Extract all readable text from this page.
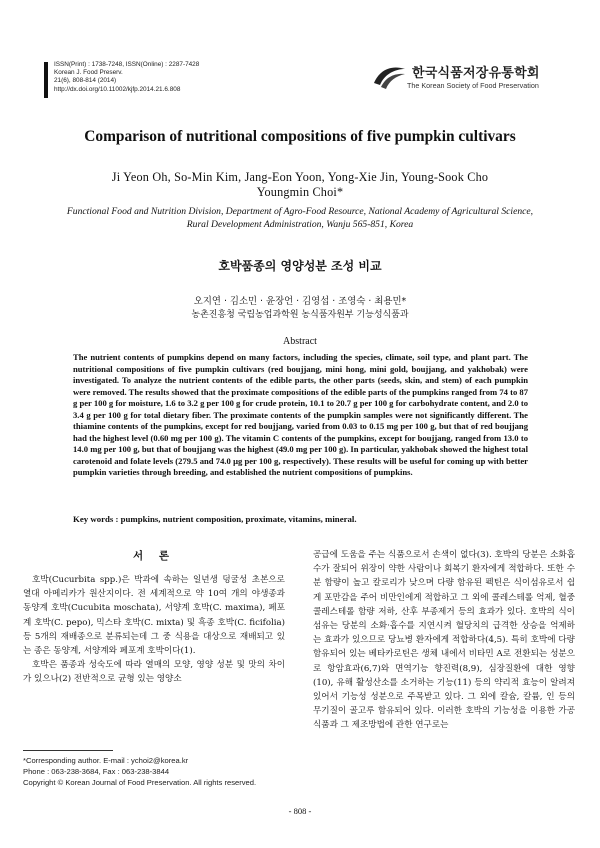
ISSN(Print) : 1738-7248, ISSN(Online) : 2287-7428
Korean J. Food Preserv.
21(6), 808-814 (2014)
http://dx.doi.org/10.11002/kjfp.2014.21.6.808
한국식품저장유통학회
The Korean Society of Food Preservation
Comparison of nutritional compositions of five pumpkin cultivars
Ji Yeon Oh, So-Min Kim, Jang-Eon Yoon, Yong-Xie Jin, Young-Sook Cho
Youngmin Choi*
Functional Food and Nutrition Division, Department of Agro-Food Resource, National Academy of Agricultural Science,
Rural Development Administration, Wanju 565-851, Korea
호박품종의 영양성분 조성 비교
오지연 · 김소민 · 윤장언 · 김영섭 · 조영숙 · 최용민*
농촌진흥청 국립농업과학원 농식품자원부 기능성식품과
Abstract
The nutrient contents of pumpkins depend on many factors, including the species, climate, soil type, and plant part. The nutritional compositions of five pumpkin cultivars (red boujjang, mini hong, mini gold, boujjang, and yakhobak) were investigated. To analyze the nutrient contents of the edible parts, the other parts (seeds, skin, and stem) of each pumpkin were removed. The results showed that the proximate compositions of the edible parts of the pumpkins ranged from 74 to 87 g per 100 g for moisture, 1.6 to 3.2 g per 100 g for crude protein, 10.1 to 20.7 g per 100 g for carbohydrate content, and 2.0 to 3.4 g per 100 g for total dietary fiber. The proximate contents of the pumpkin samples were not significantly different. The thiamine contents of the pumpkins, except for red boujjang, varied from 0.03 to 0.15 mg per 100 g, but that of red boujjang had the highest level (0.60 mg per 100 g). The vitamin C contents of the pumpkins, except for boujjang, ranged from 13.0 to 14.0 mg per 100 g, but that of boujjang was the highest (49.0 mg per 100 g). In particular, yakhobak showed the highest total carotenoid and folate levels (279.5 and 74.0 μg per 100 g, respectively). These results will be useful for coming up with better pumpkin varieties through breeding, and established the nutrient compositions of pumpkins.
Key words : pumpkins, nutrient composition, proximate, vitamins, mineral.
서 론

호박(Cucurbita spp.)은 박과에 속하는 일년생 덩굴성 초본으로 열대 아메리카가 원산지이다. 전 세계적으로 약 10여 개의 야생종과 동양계 호박(Cucubita moschata), 서양계 호박(C. maxima), 페포계 호박(C. pepo), 믹스타 호박(C. mixta) 및 흑종 호박(C. ficifolia) 등 5개의 재배종으로 분류되는데 그 중 식용을 대상으로 재배되고 있는 종은 동양계, 서양계와 페포계 호박이다(1).

호박은 품종과 성숙도에 따라 열매의 모양, 영양 성분 및 맛의 차이가 있으나(2) 전반적으로 균형 있는 영양소

공급에 도움을 주는 식품으로서 손색이 없다(3). 호박의 당분은 소화흡수가 잘되어 위장이 약한 사람이나 회복기 환자에게 적합하다. 또한 수분 함량이 높고 칼로리가 낮으며 다량 함유된 펙틴은 식이섬유로서 쉽게 포만감을 주어 비만인에게 적합하고 그 외에 콜레스테롤 억제, 혈중 콜레스테롤 함량 저하, 산후 부종제거 등의 효과가 있다. 호박의 식이섬유는 당분의 소화·흡수를 지연시켜 혈당치의 급격한 상승을 억제하는 효과가 있으므로 당뇨병 환자에게 적합하다(4,5). 특히 호박에 다량 함유되어 있는 베타카로틴은 생체 내에서 비타민 A로 전환되는 성분으로 항암효과(6,7)와 면역기능 향진력(8,9), 심장질환에 대한 영향(10), 유해 활성산소를 소거하는 기능(11) 등의 약리적 효능이 알려져 있어서 기능성 성분으로 주목받고 있다. 그 외에 칼슘, 칼륨, 인 등의 무기질이 골고루 함유되어 있다. 이러한 호박의 기능성을 이용한 가공식품과 그 제조방법에 관한 연구로는

*Corresponding author. E-mail : ychoi2@korea.kr
Phone : 063-238-3684, Fax : 063-238-3844
Copyright © Korean Journal of Food Preservation. All rights reserved.
- 808 -
